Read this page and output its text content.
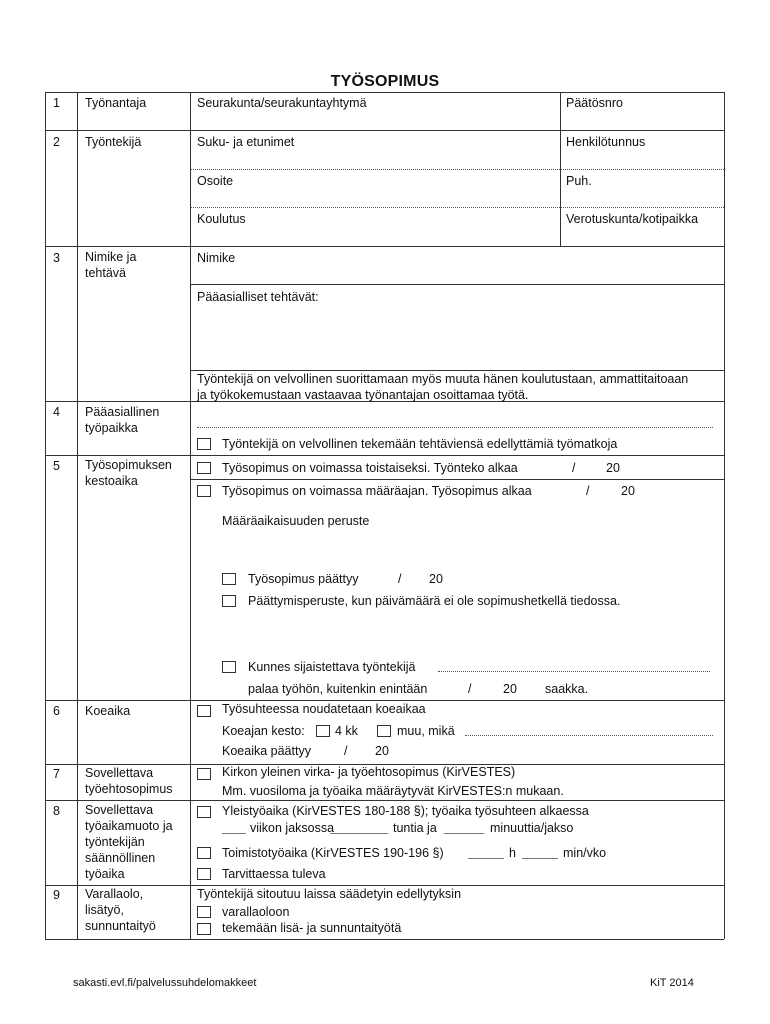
TYÖSOPIMUS
1 Työnantaja	Seurakunta/seurakuntayhtymä	Päätösnro
2 Työntekijä	Suku- ja etunimet	Henkilötunnus
Osoite	Puh.
Koulutus	Verotuskunta/kotipaikka
3 Nimike ja tehtävä
Nimike
Pääasialliset tehtävät:
Työntekijä on velvollinen suorittamaan myös muuta hänen koulutustaan, ammattitaitoaan ja työkokemustaan vastaavaa työnantajan osoittamaa työtä.
4 Pääasiallinen työpaikka
Työntekijä on velvollinen tekemään tehtäviensä edellyttämiä työmatkoja
5 Työsopimuksen kestoaika
Työsopimus on voimassa toistaiseksi. Työnteko alkaa	/ 20
Työsopimus on voimassa määräajan. Työsopimus alkaa	/	20
Määräaikaisuuden peruste
Työsopimus päättyy	/ 20
Päättymisperuste, kun päivämäärä ei ole sopimushetkellä tiedossa.
Kunnes sijaistettava työntekijä
palaa työhön, kuitenkin enintään	/	20 saakka.
6 Koeaika	Työsuhteessa noudatetaan koeaikaa
Koeajan kesto: 4 kk	muu, mikä
Koeaika päättyy	/ 20
7 Sovellettava työehtosopimus
Kirkon yleinen virka- ja työehtosopimus (KirVESTES)
Mm. vuosiloma ja työaika määräytyvät KirVESTES:n mukaan.
8 Sovellettava työaikamuoto ja työntekijän säännöllinen työaika
Yleistyöaika (KirVESTES 180-188 §); työaika työsuhteen alkaessa
viikon jaksossa	tuntia ja	minuuttia/jakso
Toimistotyöaika (KirVESTES 190-196 §)	h	min/vko
Tarvittaessa tuleva
9 Varallaolo, lisätyö, sunnuntaityö
Työntekijä sitoutuu laissa säädetyin edellytyksin
varallaoloon
tekemään lisä- ja sunnuntaityötä
sakasti.evl.fi/palvelussuhdelomakkeet	KiT 2014
